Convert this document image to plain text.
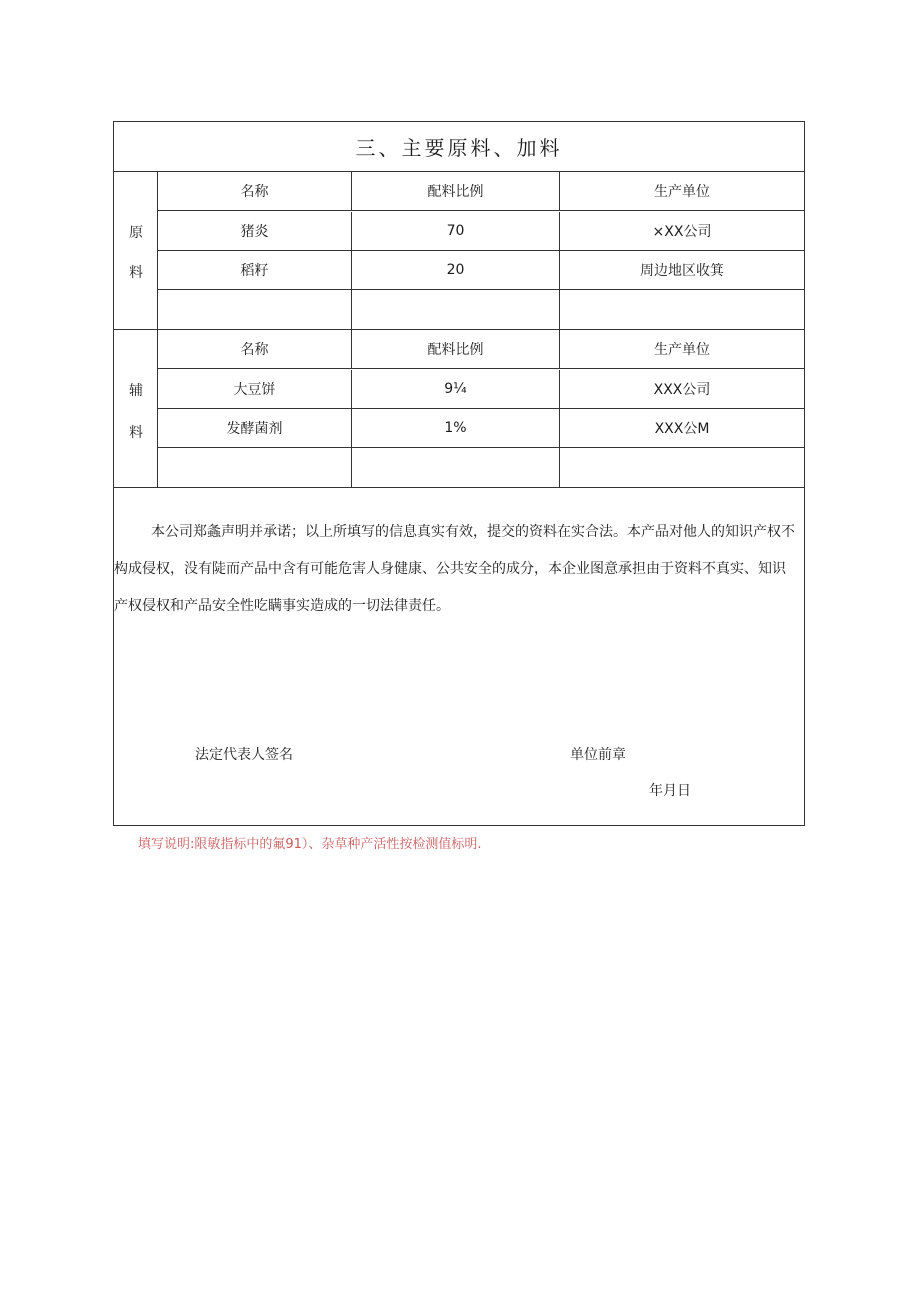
三、主要原料、加料
原
料
名称	配料比例	生产单位
猪炎	70	×XX公司
稻籽	20	周边地区收箕
辅
料
名称	配料比例	生产单位
大豆饼	9¼	XXX公司
发酵菌剂	1%	XXX公M

本公司郑螽声明并承诺；以上所填写的信息真实有效，提交的资料在实合法。本产品对他人的知识产权不构成侵权，没有陡而产品中含有可能危害人身健康、公共安全的成分，本企业图意承担由于资料不真实、知识产权侵权和产品安全性吃瞒事实造成的一切法律责任。

法定代表人签名	单位前章
年月日
填写说明:限敏指标中的氟91）、杂草种产活性按检测值标明.
